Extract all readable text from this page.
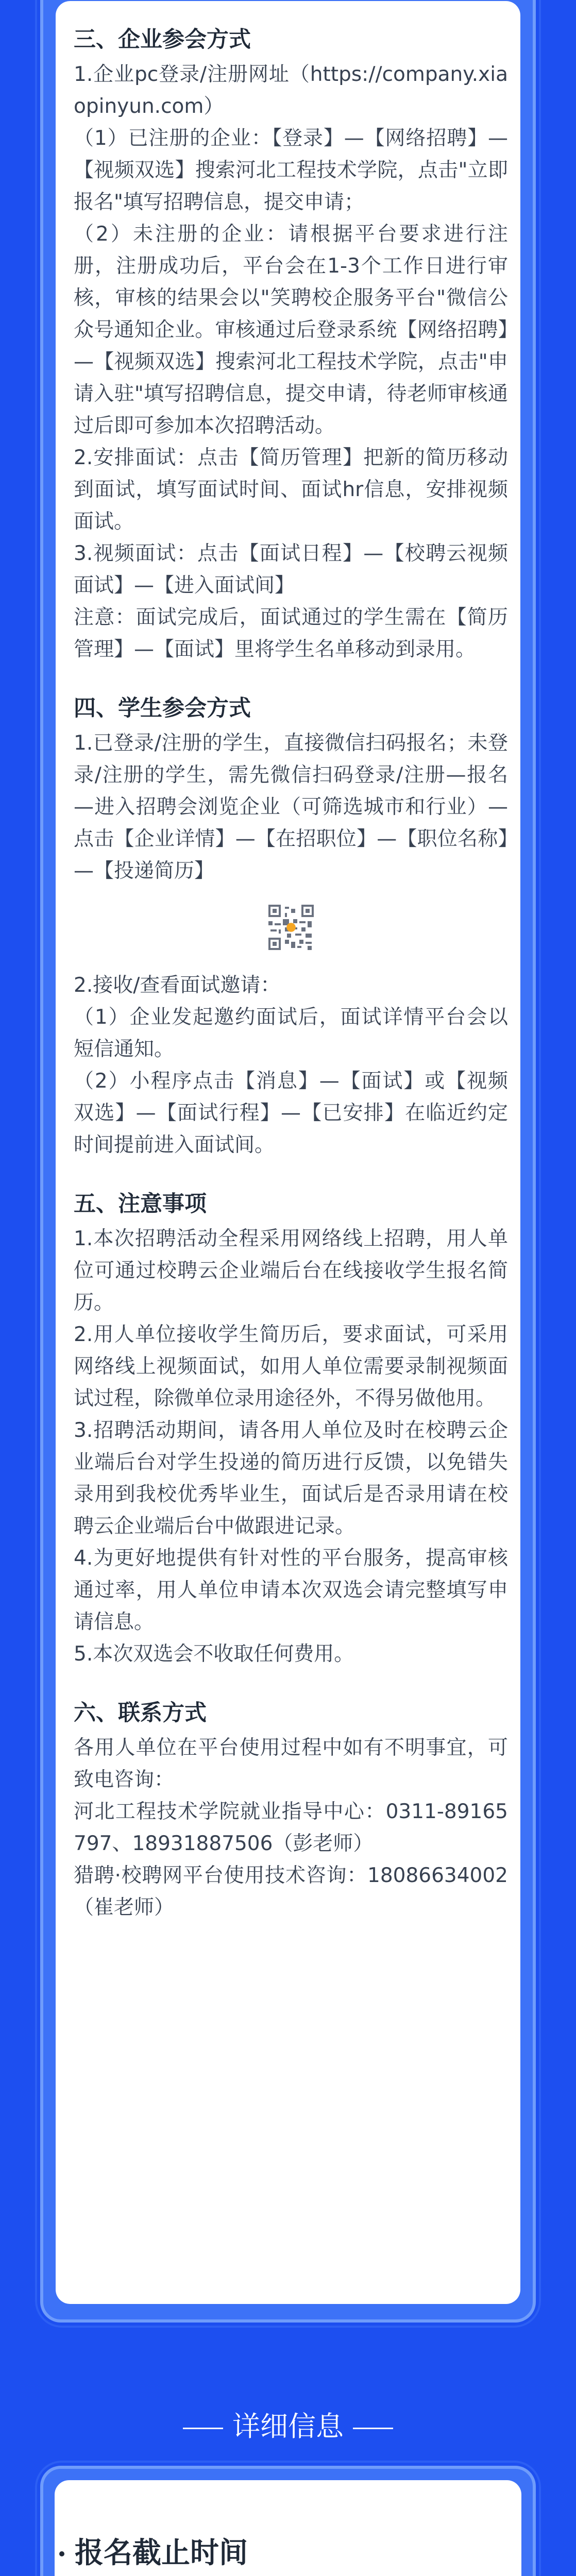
三、企业参会方式

1.企业pc登录/注册网址（https://company.xiaopinyun.com）

（1）已注册的企业：【登录】—【网络招聘】—【视频双选】搜索河北工程技术学院，点击"立即报名"填写招聘信息，提交申请；

（2）未注册的企业：请根据平台要求进行注册，注册成功后，平台会在1-3个工作日进行审核，审核的结果会以"笑聘校企服务平台"微信公众号通知企业。审核通过后登录系统【网络招聘】—【视频双选】搜索河北工程技术学院，点击"申请入驻"填写招聘信息，提交申请，待老师审核通过后即可参加本次招聘活动。

2.安排面试：点击【简历管理】把新的简历移动到面试，填写面试时间、面试hr信息，安排视频面试。

3.视频面试：点击【面试日程】—【校聘云视频面试】—【进入面试间】

注意：面试完成后，面试通过的学生需在【简历管理】—【面试】里将学生名单移动到录用。

四、学生参会方式

1.已登录/注册的学生，直接微信扫码报名；未登录/注册的学生，需先微信扫码登录/注册—报名—进入招聘会浏览企业（可筛选城市和行业）—点击【企业详情】—【在招职位】—【职位名称】—【投递简历】

2.接收/查看面试邀请：

（1）企业发起邀约面试后，面试详情平台会以短信通知。

（2）小程序点击【消息】—【面试】或【视频双选】—【面试行程】—【已安排】在临近约定时间提前进入面试间。

五、注意事项

1.本次招聘活动全程采用网络线上招聘，用人单位可通过校聘云企业端后台在线接收学生报名简历。

2.用人单位接收学生简历后，要求面试，可采用网络线上视频面试，如用人单位需要录制视频面试过程，除微单位录用途径外，不得另做他用。

3.招聘活动期间，请各用人单位及时在校聘云企业端后台对学生投递的简历进行反馈，以免错失录用到我校优秀毕业生，面试后是否录用请在校聘云企业端后台中做跟进记录。

4.为更好地提供有针对性的平台服务，提高审核通过率，用人单位申请本次双选会请完整填写申请信息。

5.本次双选会不收取任何费用。

六、联系方式

各用人单位在平台使用过程中如有不明事宜，可致电咨询：

河北工程技术学院就业指导中心：0311-89165797、18931887506（彭老师）

猎聘·校聘网平台使用技术咨询：18086634002（崔老师）

详细信息
报名截止时间
